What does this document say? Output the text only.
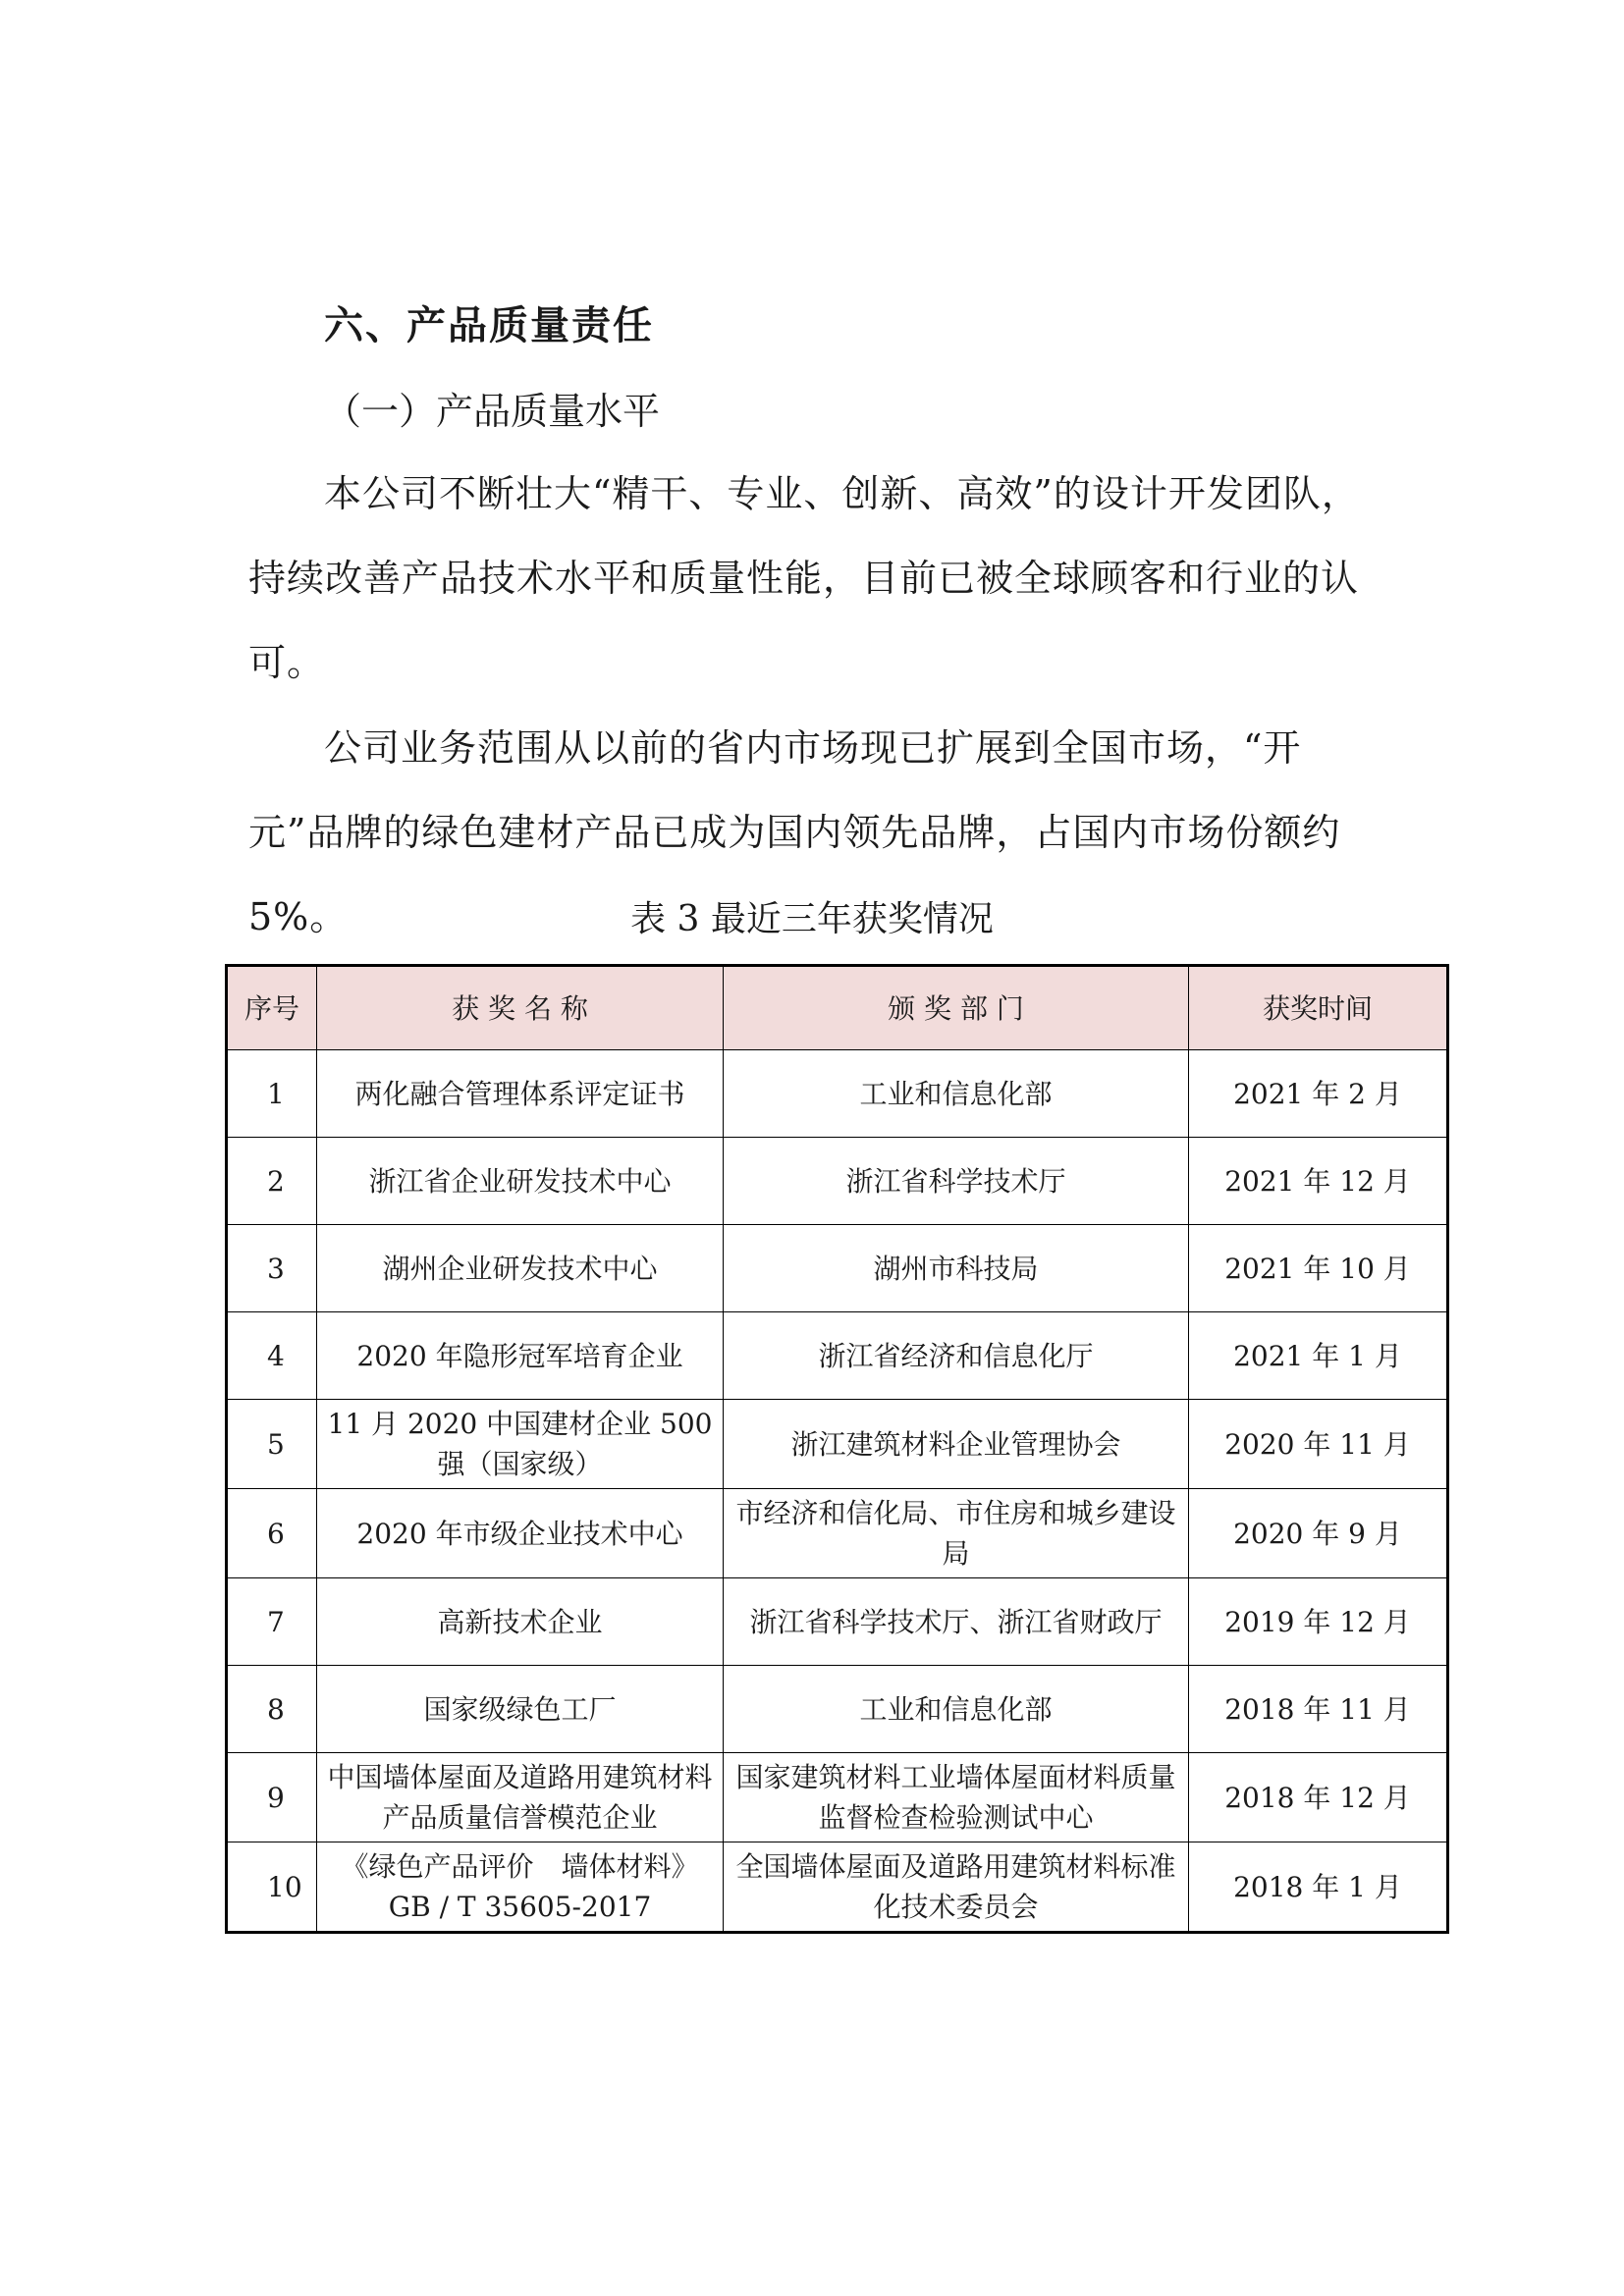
六、产品质量责任
（一）产品质量水平

本公司不断壮大“精干、专业、创新、高效”的设计开发团队，持续改善产品技术水平和质量性能，目前已被全球顾客和行业的认可。

公司业务范围从以前的省内市场现已扩展到全国市场，“开元”品牌的绿色建材产品已成为国内领先品牌，占国内市场份额约 5%。	表 3 最近三年获奖情况
序号	获 奖 名 称	颁 奖 部 门	获奖时间
1	两化融合管理体系评定证书	工业和信息化部	2021 年 2 月
2	浙江省企业研发技术中心	浙江省科学技术厅	2021 年 12 月
3	湖州企业研发技术中心	湖州市科技局	2021 年 10 月
4	2020 年隐形冠军培育企业	浙江省经济和信息化厅	2021 年 1 月
5	11 月 2020 中国建材企业 500 强（国家级）	浙江建筑材料企业管理协会	2020 年 11 月
6	2020 年市级企业技术中心	市经济和信化局、市住房和城乡建设局	2020 年 9 月
7	高新技术企业	浙江省科学技术厅、浙江省财政厅	2019 年 12 月
8	国家级绿色工厂	工业和信息化部	2018 年 11 月
9	中国墙体屋面及道路用建筑材料产品质量信誉模范企业	国家建筑材料工业墙体屋面材料质量监督检查检验测试中心	2018 年 12 月
10	《绿色产品评价　墙体材料》 GB / T 35605-2017	全国墙体屋面及道路用建筑材料标准化技术委员会	2018 年 1 月
